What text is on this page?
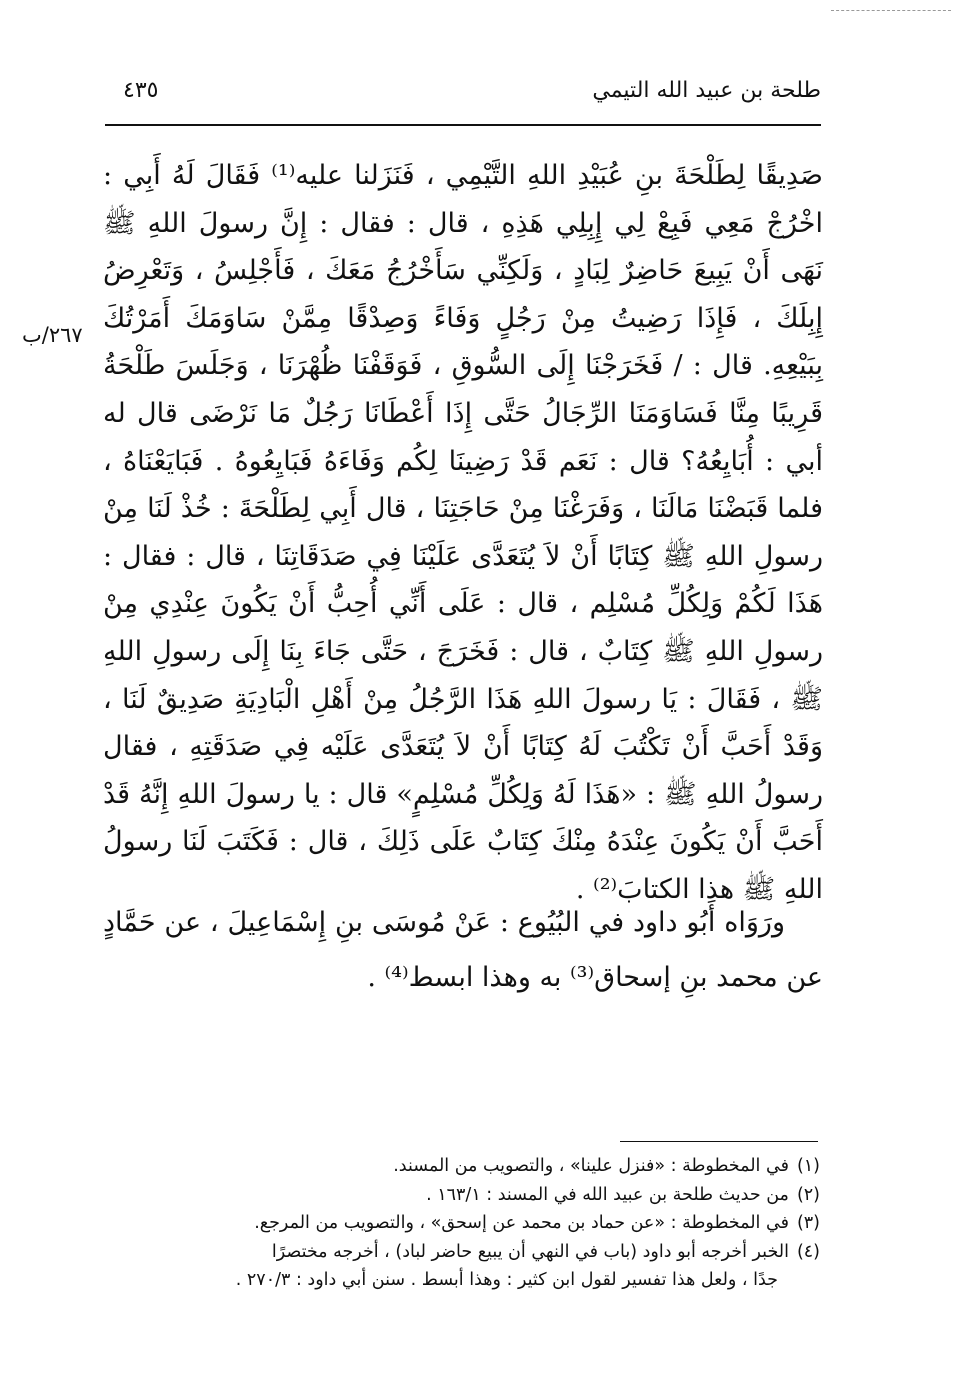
طلحة بن عبيد الله التيمي
٤٣٥
٢٦٧/ب

صَدِيقًا لِطَلْحَةَ بنِ عُبَيْدِ اللهِ التَّيْمِي ، فَنَزَلنا عليه⁽¹⁾ فَقَالَ لَهُ أَبِي : اخْرُجْ مَعِي فَبِعْ لِي إِبِلِي هَذِهِ ، قال : فقال : إِنَّ رسولَ اللهِ ﷺ نَهَى أَنْ يَبِيعَ حَاضِرٌ لِبَادٍ ، وَلَكِنِّي سَأَخْرُجُ مَعَكَ ، فَأَجْلِسُ ، وَتَعْرِضُ إِبِلَكَ ، فَإِذَا رَضِيتُ مِنْ رَجُلٍ وَفَاءً وَصِدْقًا مِمَّنْ سَاوَمَكَ أَمَرْتُكَ بِبَيْعِهِ. قال : / فَخَرَجْنَا إِلَى السُّوقِ ، فَوَقَفْنَا ظُهْرَنَا ، وَجَلَسَ طَلْحَةُ قَرِيبًا مِنَّا فَسَاوَمَنَا الرِّجَالُ حَتَّى إِذَا أَعْطَانَا رَجُلٌ مَا نَرْضَى قال له أبي : أُبَايِعُهُ؟ قال : نَعَم قَدْ رَضِينَا لِكُم وَفَاءَهُ فَبَايِعُوهُ . فَبَايَعْنَاهُ ، فلما قَبَضْنَا مَالَنَا ، وَفَرَغْنَا مِنْ حَاجَتِنَا ، قال أَبِي لِطَلْحَةَ : خُذْ لَنَا مِنْ رسولِ اللهِ ﷺ كِتَابًا أَنْ لاَ يُتَعَدَّى عَلَيْنَا فِي صَدَقَاتِنَا ، قال : فقال : هَذَا لَكُمْ وَلِكُلِّ مُسْلِم ، قال : عَلَى أَنِّي أُحِبُّ أَنْ يَكُونَ عِنْدِي مِنْ رسولِ اللهِ ﷺ كِتَابٌ ، قال : فَخَرَجَ ، حَتَّى جَاءَ بِنَا إِلَى رسولِ اللهِ ﷺ ، فَقَالَ : يَا رسولَ اللهِ هَذَا الرَّجُلُ مِنْ أَهْلِ الْبَادِيَةِ صَدِيقٌ لَنَا ، وَقَدْ أَحَبَّ أَنْ تَكْتُبَ لَهُ كِتَابًا أَنْ لاَ يُتَعَدَّى عَلَيْه فِي صَدَقَتِهِ ، فقال رسولُ اللهِ ﷺ : «هَذَا لَهُ وَلِكُلِّ مُسْلِمٍ» قال : يا رسولَ اللهِ إِنَّهُ قَدْ أَحَبَّ أَنْ يَكُونَ عِنْدَهُ مِنْكَ كِتَابٌ عَلَى ذَلِكَ ، قال : فَكَتَبَ لَنَا رسولُ اللهِ ﷺ هذا الكتابَ⁽²⁾ .

ورَوَاه أَبُو داود في البُيُوع : عَنْ مُوسَى بنِ إِسْمَاعِيلَ ، عن حَمَّادٍ عن محمد بنِ إسحاق⁽³⁾ به وهذا ابسط⁽⁴⁾ .

(١)في المخطوطة : «فنزل علينا» ، والتصويب من المسند.

(٢)من حديث طلحة بن عبيد الله في المسند : ١٦٣/١ .

(٣)في المخطوطة : «عن حماد بن محمد عن إسحق» ، والتصويب من المرجع.

(٤)الخبر أخرجه أبو داود (باب في النهي أن يبيع حاضر لباد) ، أخرجه مختصرًا

جدًا ، ولعل هذا تفسير لقول ابن كثير : وهذا أبسط . سنن أبي داود : ٢٧٠/٣ .
